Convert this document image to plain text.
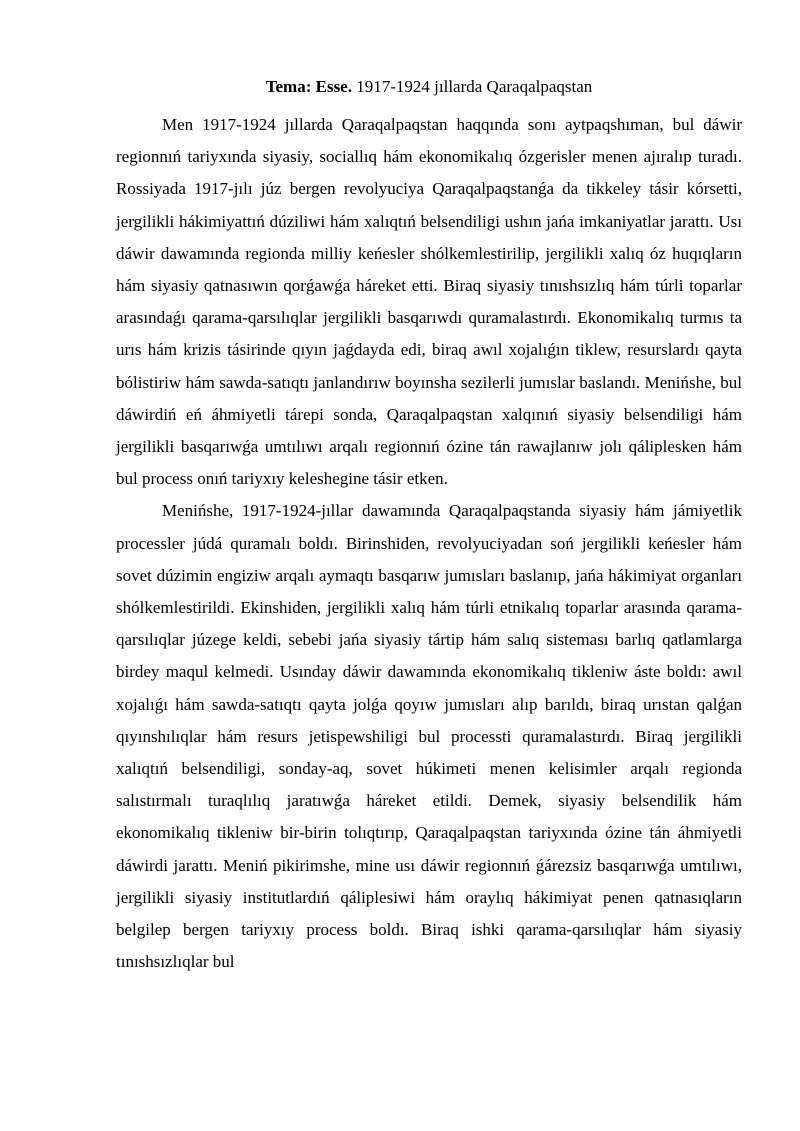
Tema: Esse. 1917-1924 jıllarda Qaraqalpaqstan

Men 1917-1924 jıllarda Qaraqalpaqstan haqqında sonı aytpaqshıman, bul dáwir regionnıń tariyxında siyasiy, sociallıq hám ekonomikalıq ózgerisler menen ajıralıp turadı. Rossiyada 1917-jılı júz bergen revolyuciya Qaraqalpaqstanǵa da tikkeley tásir kórsetti, jergilikli hákimiyattıń dúziliwi hám xalıqtıń belsendiligi ushın jańa imkaniyatlar jarattı. Usı dáwir dawamında regionda milliy keńesler shólkemlestirilip, jergilikli xalıq óz huqıqların hám siyasiy qatnasıwın qorǵawǵa háreket etti. Biraq siyasiy tınıshsızlıq hám túrli toparlar arasındaǵı qarama-qarsılıqlar jergilikli basqarıwdı quramalastırdı. Ekonomikalıq turmıs ta urıs hám krizis tásirinde qıyın jaǵdayda edi, biraq awıl xojalıǵın tiklew, resurslardı qayta bólistiriw hám sawda-satıqtı janlandırıw boyınsha sezilerli jumıslar baslandı. Menińshe, bul dáwirdiń eń áhmiyetli tárepi sonda, Qaraqalpaqstan xalqınıń siyasiy belsendiligi hám jergilikli basqarıwǵa umtılıwı arqalı regionnıń ózine tán rawajlanıw jolı qáliplesken hám bul process onıń tariyxıy keleshegine tásir etken.

Menińshe, 1917-1924-jıllar dawamında Qaraqalpaqstanda siyasiy hám jámiyetlik processler júdá quramalı boldı. Birinshiden, revolyuciyadan soń jergilikli keńesler hám sovet dúzimin engiziw arqalı aymaqtı basqarıw jumısları baslanıp, jańa hákimiyat organları shólkemlestirildi. Ekinshiden, jergilikli xalıq hám túrli etnikalıq toparlar arasında qarama-qarsılıqlar júzege keldi, sebebi jańa siyasiy tártip hám salıq sisteması barlıq qatlamlarga birdey maqul kelmedi. Usınday dáwir dawamında ekonomikalıq tikleniw áste boldı: awıl xojalıǵı hám sawda-satıqtı qayta jolǵa qoyıw jumısları alıp barıldı, biraq urıstan qalǵan qıyınshılıqlar hám resurs jetispewshiligi bul processti quramalastırdı. Biraq jergilikli xalıqtıń belsendiligi, sonday-aq, sovet húkimeti menen kelisimler arqalı regionda salıstırmalı turaqlılıq jaratıwǵa háreket etildi. Demek, siyasiy belsendilik hám ekonomikalıq tikleniw bir-birin tolıqtırıp, Qaraqalpaqstan tariyxında ózine tán áhmiyetli dáwirdi jarattı. Meniń pikirimshe, mine usı dáwir regionnıń ǵárezsiz basqarıwǵa umtılıwı, jergilikli siyasiy institutlardıń qáliplesiwi hám oraylıq hákimiyat penen qatnasıqların belgilep bergen tariyxıy process boldı. Biraq ishki qarama-qarsılıqlar hám siyasiy tınıshsızlıqlar bul
